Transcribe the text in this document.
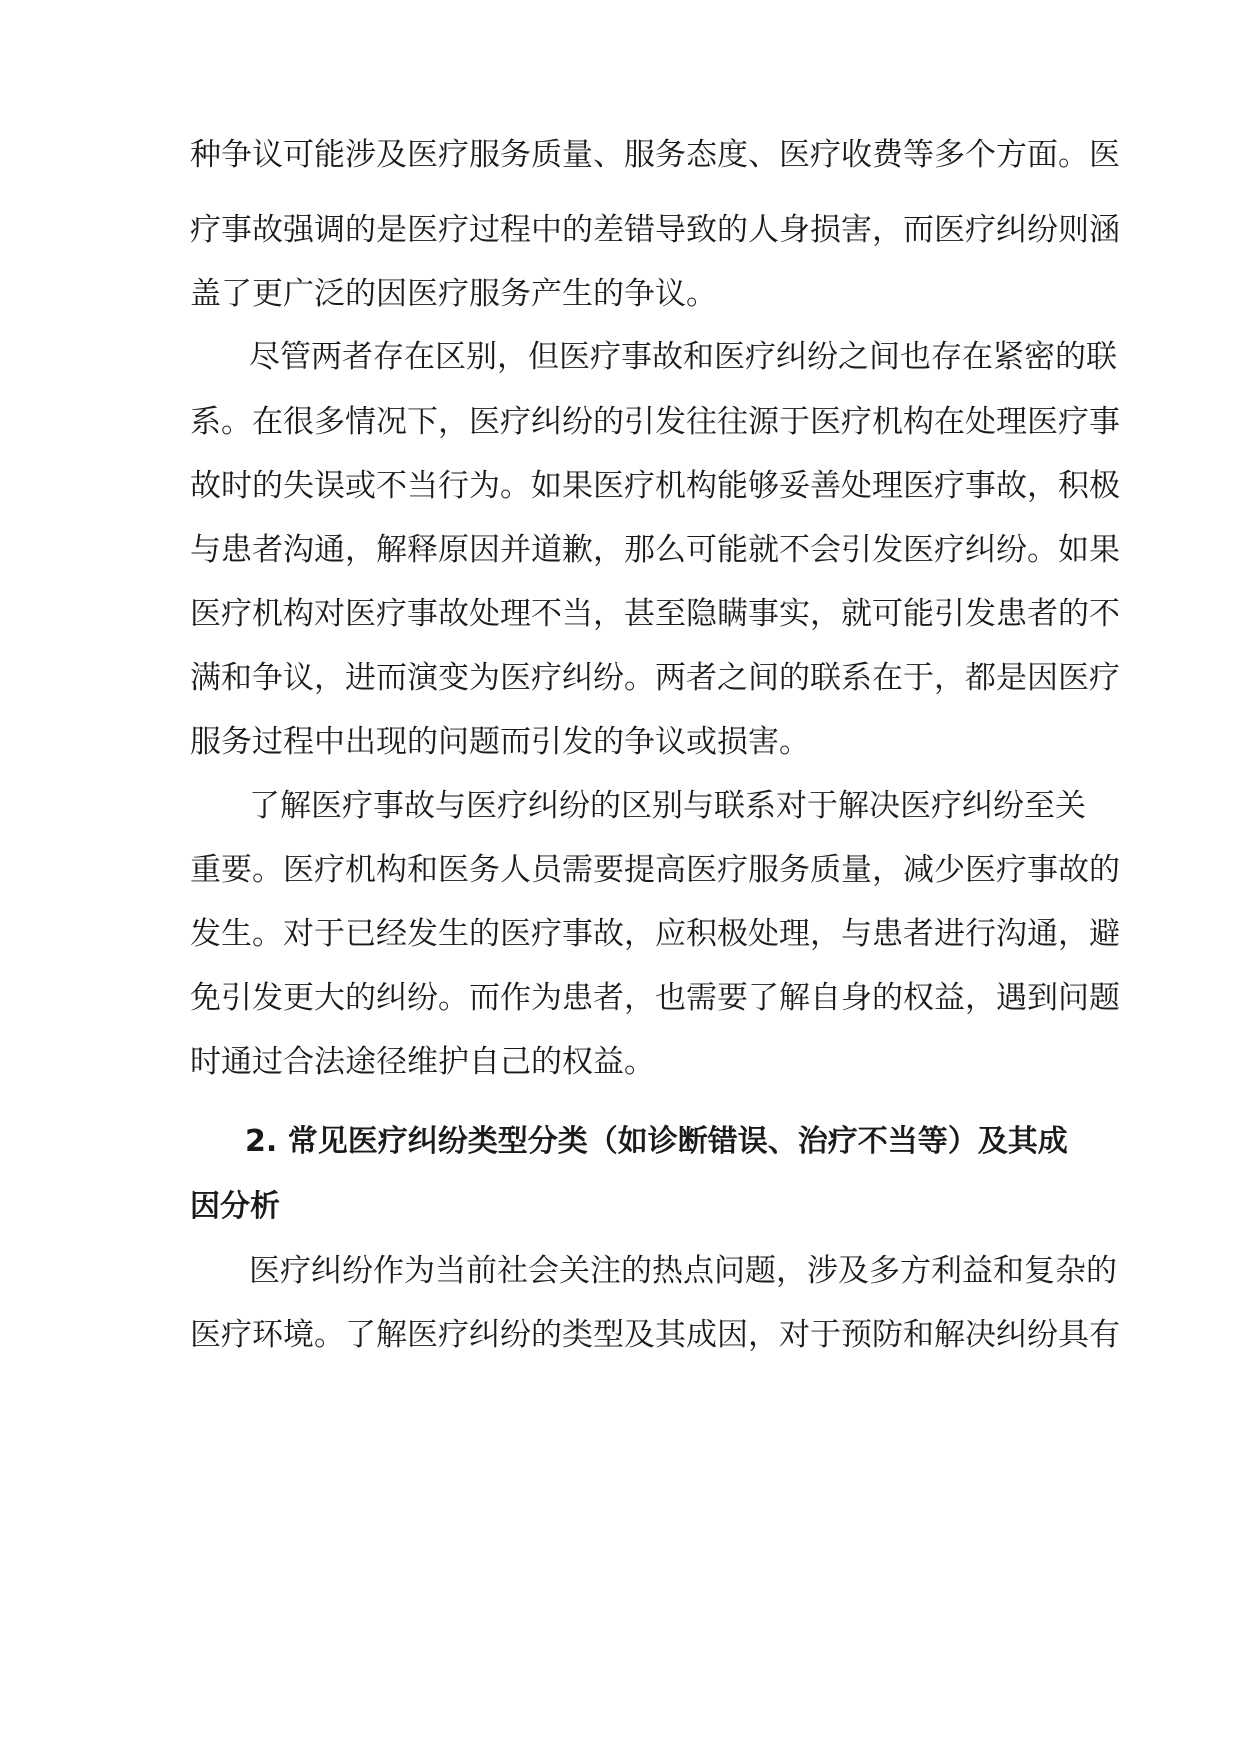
种争议可能涉及医疗服务质量、服务态度、医疗收费等多个方面。医
疗事故强调的是医疗过程中的差错导致的人身损害，而医疗纠纷则涵
盖了更广泛的因医疗服务产生的争议。
尽管两者存在区别，但医疗事故和医疗纠纷之间也存在紧密的联
系。在很多情况下，医疗纠纷的引发往往源于医疗机构在处理医疗事
故时的失误或不当行为。如果医疗机构能够妥善处理医疗事故，积极
与患者沟通，解释原因并道歉，那么可能就不会引发医疗纠纷。如果
医疗机构对医疗事故处理不当，甚至隐瞒事实，就可能引发患者的不
满和争议，进而演变为医疗纠纷。两者之间的联系在于，都是因医疗
服务过程中出现的问题而引发的争议或损害。
了解医疗事故与医疗纠纷的区别与联系对于解决医疗纠纷至关
重要。医疗机构和医务人员需要提高医疗服务质量，减少医疗事故的
发生。对于已经发生的医疗事故，应积极处理，与患者进行沟通，避
免引发更大的纠纷。而作为患者，也需要了解自身的权益，遇到问题
时通过合法途径维护自己的权益。
2. 常见医疗纠纷类型分类（如诊断错误、治疗不当等）及其成
因分析
医疗纠纷作为当前社会关注的热点问题，涉及多方利益和复杂的
医疗环境。了解医疗纠纷的类型及其成因，对于预防和解决纠纷具有
